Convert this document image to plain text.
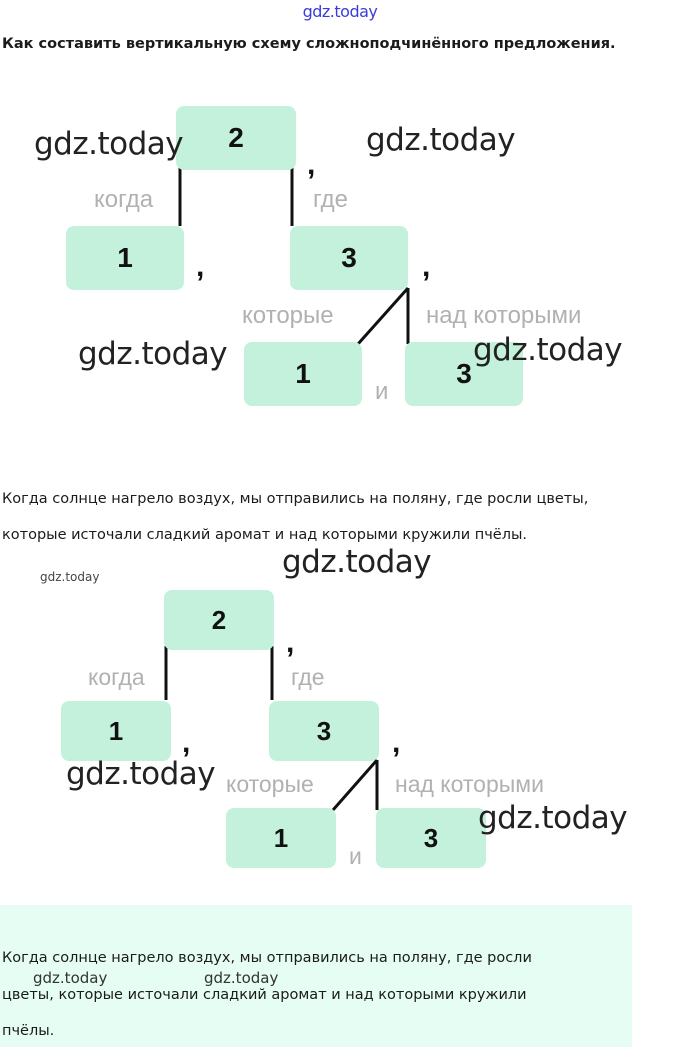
gdz.today
Как составить вертикальную схему сложноподчинённого предложения.
2
1	3
1	3
когда	где
которые	над которыми
и
,
,	,
gdz.today	gdz.today
gdz.today	gdz.today
Когда солнце нагрело воздух, мы отправились на поляну, где росли цветы,
которые источали сладкий аромат и над которыми кружили пчёлы.
gdz.today
gdz.today
2
1	3
1	3
когда	где
которые	над которыми
и
,
,	,
gdz.today
gdz.today
Когда солнце нагрело воздух, мы отправились на поляну, где росли
gdz.today	gdz.today
цветы, которые источали сладкий аромат и над которыми кружили
пчёлы.
